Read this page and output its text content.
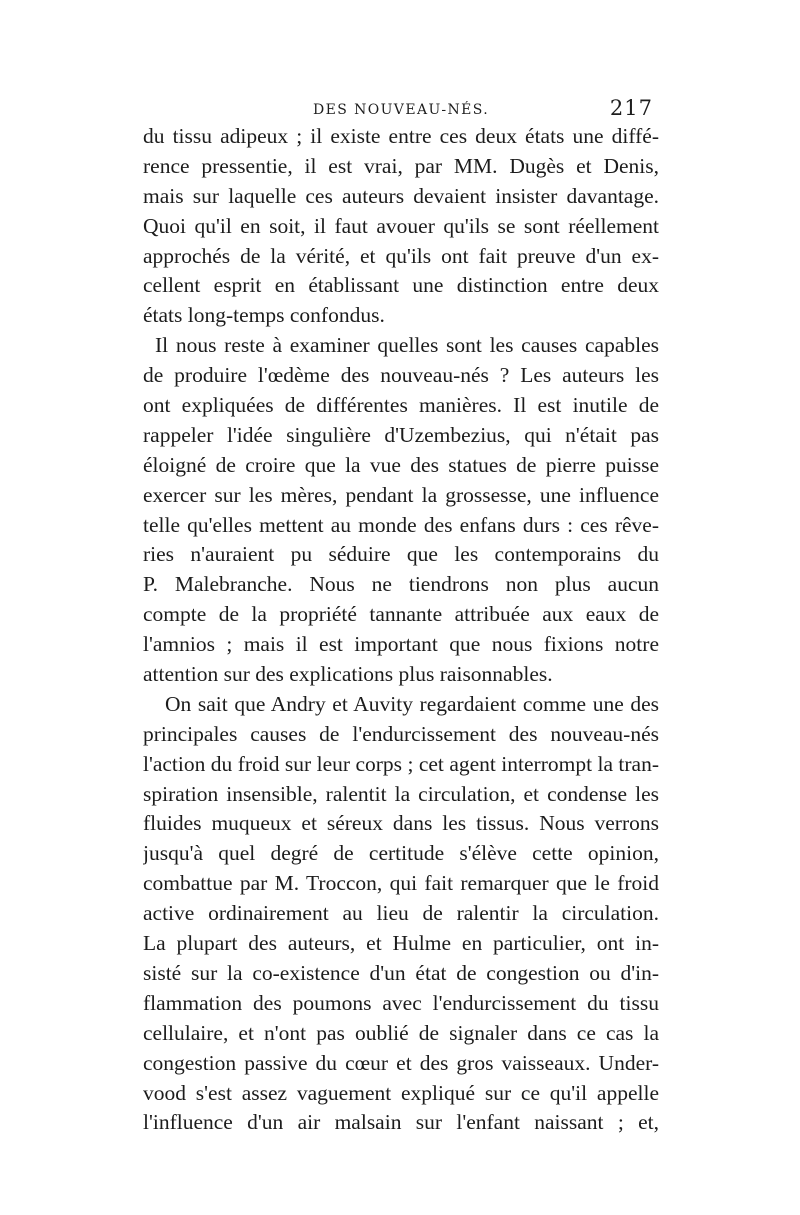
DES NOUVEAU-NÉS.	217
du tissu adipeux ; il existe entre ces deux états une diffé-
rence pressentie, il est vrai, par MM. Dugès et Denis,
mais sur laquelle ces auteurs devaient insister davantage.
Quoi qu'il en soit, il faut avouer qu'ils se sont réellement
approchés de la vérité, et qu'ils ont fait preuve d'un ex-
cellent esprit en établissant une distinction entre deux
états long-temps confondus.
Il nous reste à examiner quelles sont les causes capables
de produire l'œdème des nouveau-nés ? Les auteurs les
ont expliquées de différentes manières. Il est inutile de
rappeler l'idée singulière d'Uzembezius, qui n'était pas
éloigné de croire que la vue des statues de pierre puisse
exercer sur les mères, pendant la grossesse, une influence
telle qu'elles mettent au monde des enfans durs : ces rêve-
ries n'auraient pu séduire que les contemporains du
P. Malebranche. Nous ne tiendrons non plus aucun
compte de la propriété tannante attribuée aux eaux de
l'amnios ; mais il est important que nous fixions notre
attention sur des explications plus raisonnables.
On sait que Andry et Auvity regardaient comme une des
principales causes de l'endurcissement des nouveau-nés
l'action du froid sur leur corps ; cet agent interrompt la tran-
spiration insensible, ralentit la circulation, et condense les
fluides muqueux et séreux dans les tissus. Nous verrons
jusqu'à quel degré de certitude s'élève cette opinion,
combattue par M. Troccon, qui fait remarquer que le froid
active ordinairement au lieu de ralentir la circulation.
La plupart des auteurs, et Hulme en particulier, ont in-
sisté sur la co-existence d'un état de congestion ou d'in-
flammation des poumons avec l'endurcissement du tissu
cellulaire, et n'ont pas oublié de signaler dans ce cas la
congestion passive du cœur et des gros vaisseaux. Under-
vood s'est assez vaguement expliqué sur ce qu'il appelle
l'influence d'un air malsain sur l'enfant naissant ; et,
